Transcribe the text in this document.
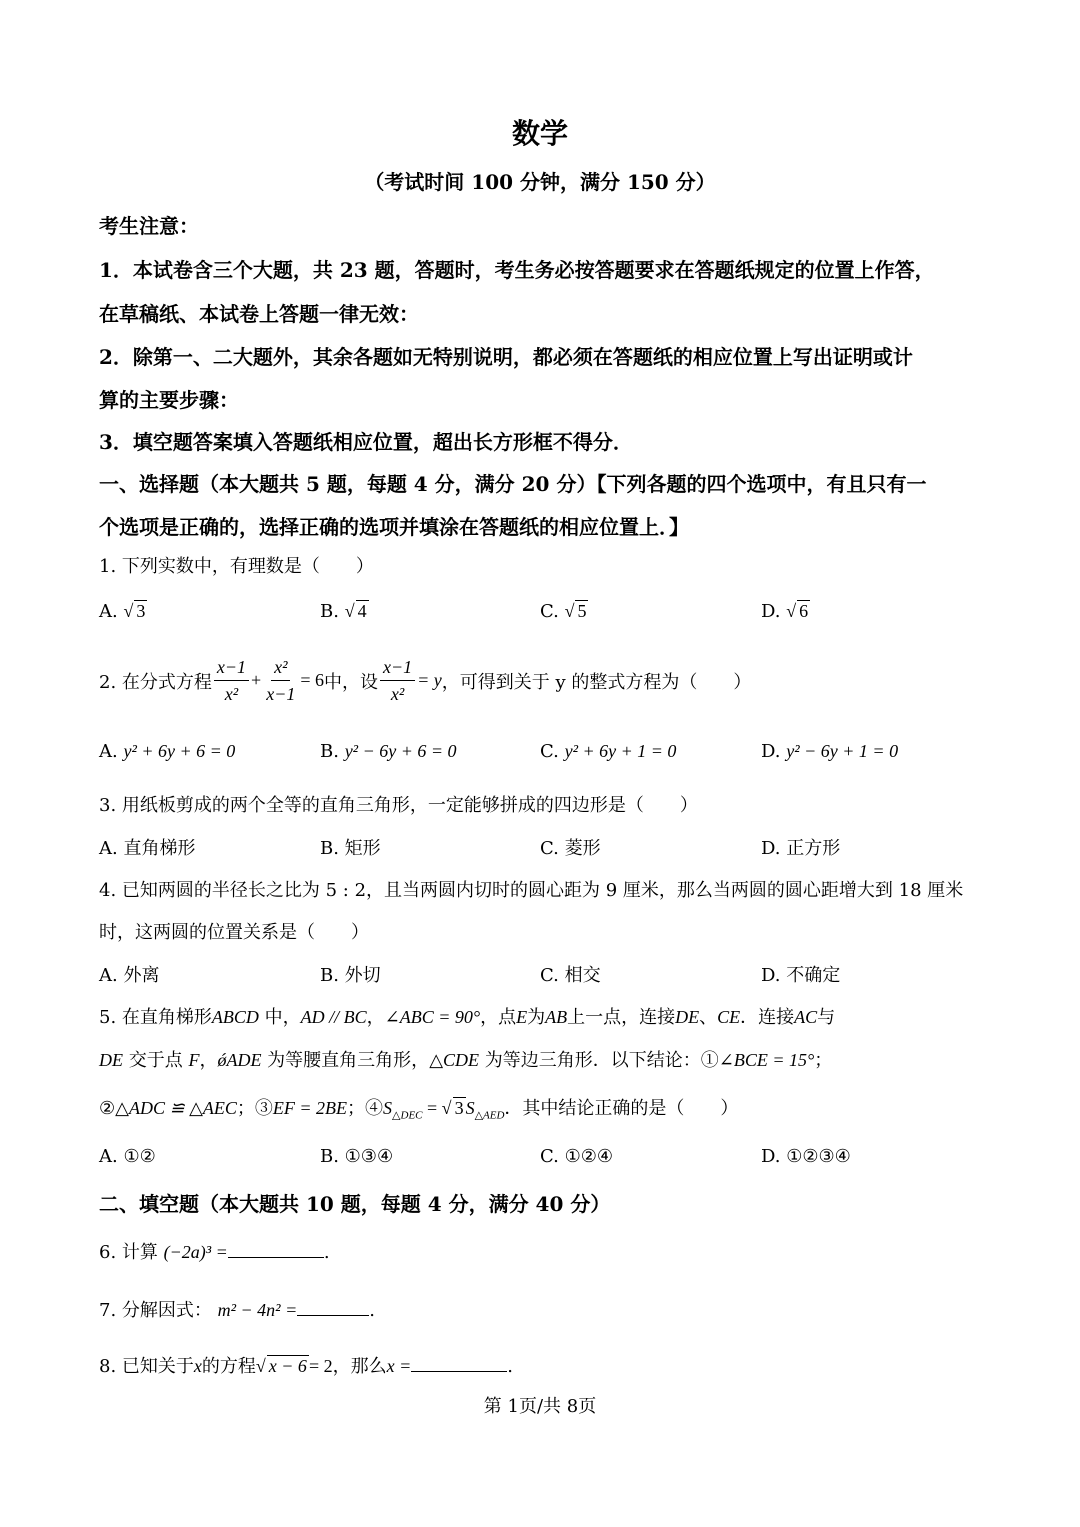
数学
（考试时间 100 分钟，满分 150 分）
考生注意：
1．本试卷含三个大题，共 23 题，答题时，考生务必按答题要求在答题纸规定的位置上作答，
在草稿纸、本试卷上答题一律无效：
2．除第一、二大题外，其余各题如无特别说明，都必须在答题纸的相应位置上写出证明或计
算的主要步骤：
3．填空题答案填入答题纸相应位置，超出长方形框不得分．
一、选择题（本大题共 5 题，每题 4 分，满分 20 分）【下列各题的四个选项中，有且只有一
个选项是正确的，选择正确的选项并填涂在答题纸的相应位置上．】
1. 下列实数中，有理数是（　　）
A. √ 3	B. √ 4	C. √ 5	D. √ 6
2. 在分式方程 $\frac{x-1}{\text{x²}} + \frac{\text{x²}}{x-1} = 6$ 中，设 $\frac{x-1}{\text{x²}} = y$ ，可得到关于 y 的整式方程为（　　）
A. y² + 6y + 6 = 0	B. y² − 6y + 6 = 0	C. y² + 6y + 1 = 0	D. y² − 6y + 1 = 0
3. 用纸板剪成的两个全等的直角三角形，一定能够拼成的四边形是（　　）
A. 直角梯形	B. 矩形	C. 菱形	D. 正方形
4. 已知两圆的半径长之比为 5 : 2，且当两圆内切时的圆心距为 9 厘米，那么当两圆的圆心距增大到 18 厘米
时，这两圆的位置关系是（　　）
A. 外离	B. 外切	C. 相交	D. 不确定
5. 在直角梯形ABCD 中，AD // BC，∠ABC = 90°，点E为AB上一点，连接DE、CE．连接AC与
DE 交于点 F，ǿADE 为等腰直角三角形，△CDE 为等边三角形．以下结论：①∠BCE = 15°；
②△ADC ≌ △AEC；③EF = 2BE；$④S_{\triangle DEC}$ = √ 3 $S_{\triangle AED}$．其中结论正确的是（　　）
A. ①②	B. ①③④	C. ①②④	D. ①②③④
二、填空题（本大题共 10 题，每题 4 分，满分 40 分）
6. 计算 (−2a)³ =	.
7. 分解因式： m² − 4n² =	.
8. 已知关于x的方程√ x − 6 = 2，那么x =	.
第 1页/共 8页
